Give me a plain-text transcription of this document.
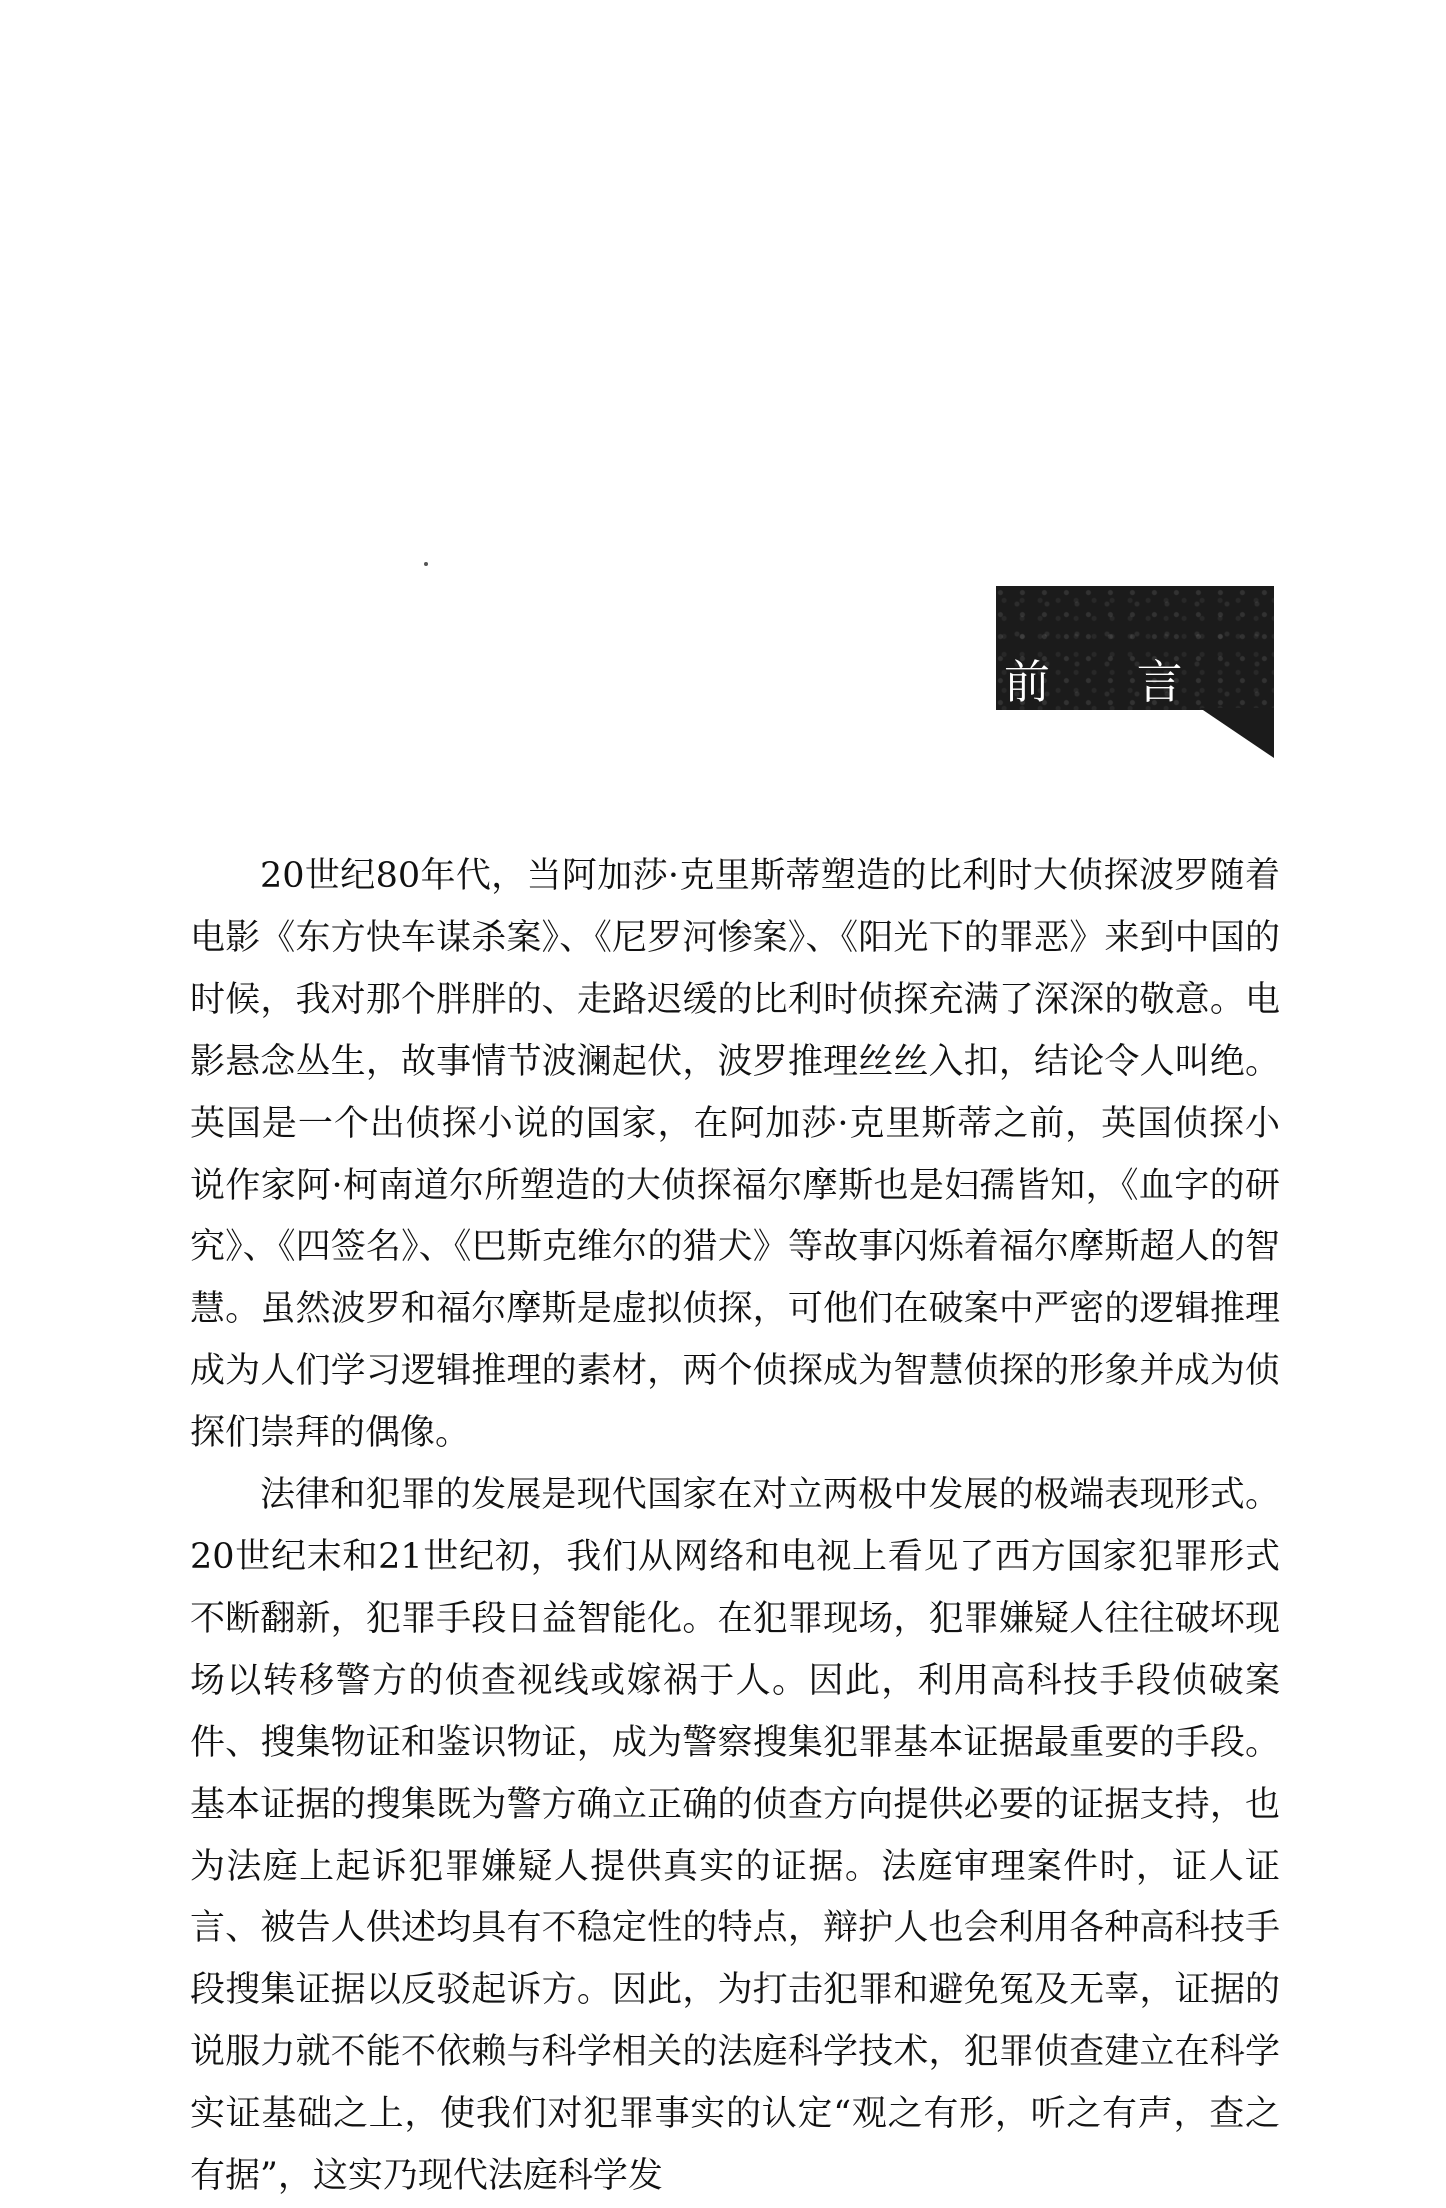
前 言

20世纪80年代，当阿加莎·克里斯蒂塑造的比利时大侦探波罗随着电影《东方快车谋杀案》、《尼罗河惨案》、《阳光下的罪恶》来到中国的时候，我对那个胖胖的、走路迟缓的比利时侦探充满了深深的敬意。电影悬念丛生，故事情节波澜起伏，波罗推理丝丝入扣，结论令人叫绝。英国是一个出侦探小说的国家，在阿加莎·克里斯蒂之前，英国侦探小说作家阿·柯南道尔所塑造的大侦探福尔摩斯也是妇孺皆知，《血字的研究》、《四签名》、《巴斯克维尔的猎犬》等故事闪烁着福尔摩斯超人的智慧。虽然波罗和福尔摩斯是虚拟侦探，可他们在破案中严密的逻辑推理成为人们学习逻辑推理的素材，两个侦探成为智慧侦探的形象并成为侦探们崇拜的偶像。

法律和犯罪的发展是现代国家在对立两极中发展的极端表现形式。20世纪末和21世纪初，我们从网络和电视上看见了西方国家犯罪形式不断翻新，犯罪手段日益智能化。在犯罪现场，犯罪嫌疑人往往破坏现场以转移警方的侦查视线或嫁祸于人。因此，利用高科技手段侦破案件、搜集物证和鉴识物证，成为警察搜集犯罪基本证据最重要的手段。基本证据的搜集既为警方确立正确的侦查方向提供必要的证据支持，也为法庭上起诉犯罪嫌疑人提供真实的证据。法庭审理案件时，证人证言、被告人供述均具有不稳定性的特点，辩护人也会利用各种高科技手段搜集证据以反驳起诉方。因此，为打击犯罪和避免冤及无辜，证据的说服力就不能不依赖与科学相关的法庭科学技术，犯罪侦查建立在科学实证基础之上，使我们对犯罪事实的认定“观之有形，听之有声，查之有据”，这实乃现代法庭科学发
